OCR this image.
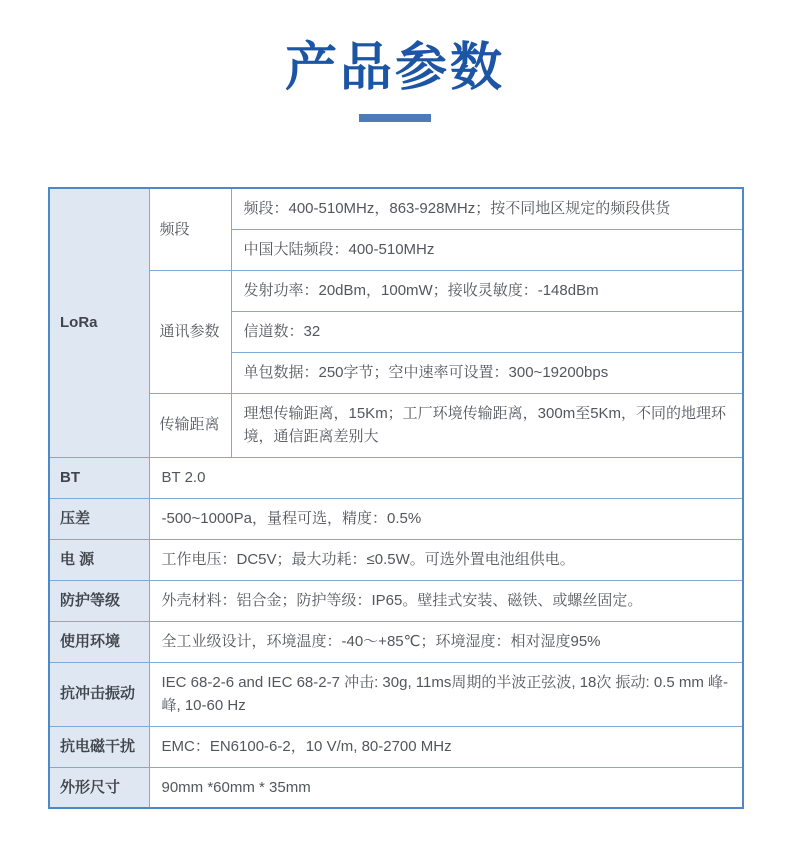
产品参数
LoRa	频段	频段：400-510MHz，863-928MHz；按不同地区规定的频段供货
		中国大陆频段：400-510MHz
	通讯参数	发射功率：20dBm，100mW；接收灵敏度：-148dBm
		信道数：32
		单包数据：250字节；空中速率可设置：300~19200bps
	传输距离	理想传输距离，15Km；工厂环境传输距离，300m至5Km，不同的地理环境，通信距离差别大
BT	BT 2.0	
压差	-500~1000Pa，量程可选，精度：0.5%	
电 源	工作电压：DC5V；最大功耗：≤0.5W。可选外置电池组供电。	
防护等级	外壳材料：铝合金；防护等级：IP65。壁挂式安装、磁铁、或螺丝固定。	
使用环境	全工业级设计，环境温度：-40～+85℃；环境湿度：相对湿度95%	
抗冲击振动	IEC 68-2-6 and IEC 68-2-7 冲击: 30g, 11ms周期的半波正弦波, 18次 振动: 0.5 mm 峰-峰, 10-60 Hz	
抗电磁干扰	EMC：EN6100-6-2，10 V/m, 80-2700 MHz	
外形尺寸	90mm *60mm * 35mm	
